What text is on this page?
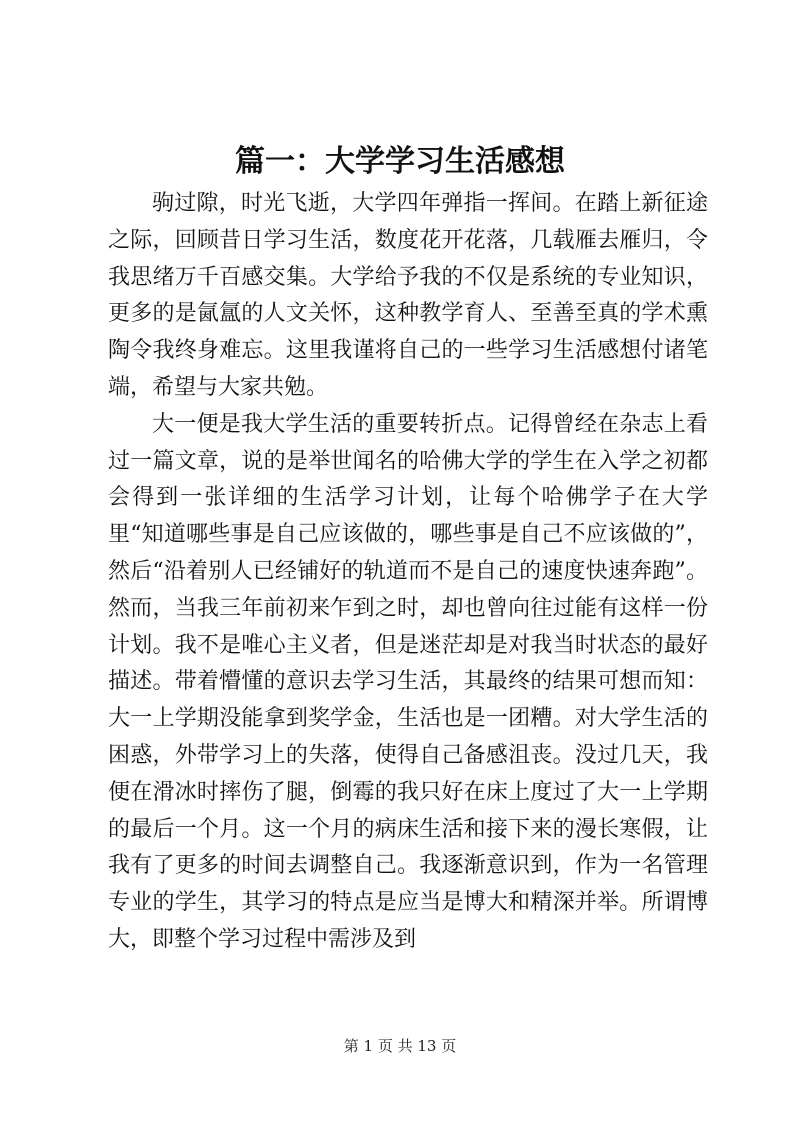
篇一：大学学习生活感想

驹过隙，时光飞逝，大学四年弹指一挥间。在踏上新征途之际，回顾昔日学习生活，数度花开花落，几载雁去雁归，令我思绪万千百感交集。大学给予我的不仅是系统的专业知识，更多的是氤氲的人文关怀，这种教学育人、至善至真的学术熏陶令我终身难忘。这里我谨将自己的一些学习生活感想付诸笔端，希望与大家共勉。

大一便是我大学生活的重要转折点。记得曾经在杂志上看过一篇文章，说的是举世闻名的哈佛大学的学生在入学之初都会得到一张详细的生活学习计划，让每个哈佛学子在大学里“知道哪些事是自己应该做的，哪些事是自己不应该做的”，然后“沿着别人已经铺好的轨道而不是自己的速度快速奔跑”。然而，当我三年前初来乍到之时，却也曾向往过能有这样一份计划。我不是唯心主义者，但是迷茫却是对我当时状态的最好描述。带着懵懂的意识去学习生活，其最终的结果可想而知：大一上学期没能拿到奖学金，生活也是一团糟。对大学生活的困惑，外带学习上的失落，使得自己备感沮丧。没过几天，我便在滑冰时摔伤了腿，倒霉的我只好在床上度过了大一上学期的最后一个月。这一个月的病床生活和接下来的漫长寒假，让我有了更多的时间去调整自己。我逐渐意识到，作为一名管理专业的学生，其学习的特点是应当是博大和精深并举。所谓博大，即整个学习过程中需涉及到

第 1 页 共 13 页
